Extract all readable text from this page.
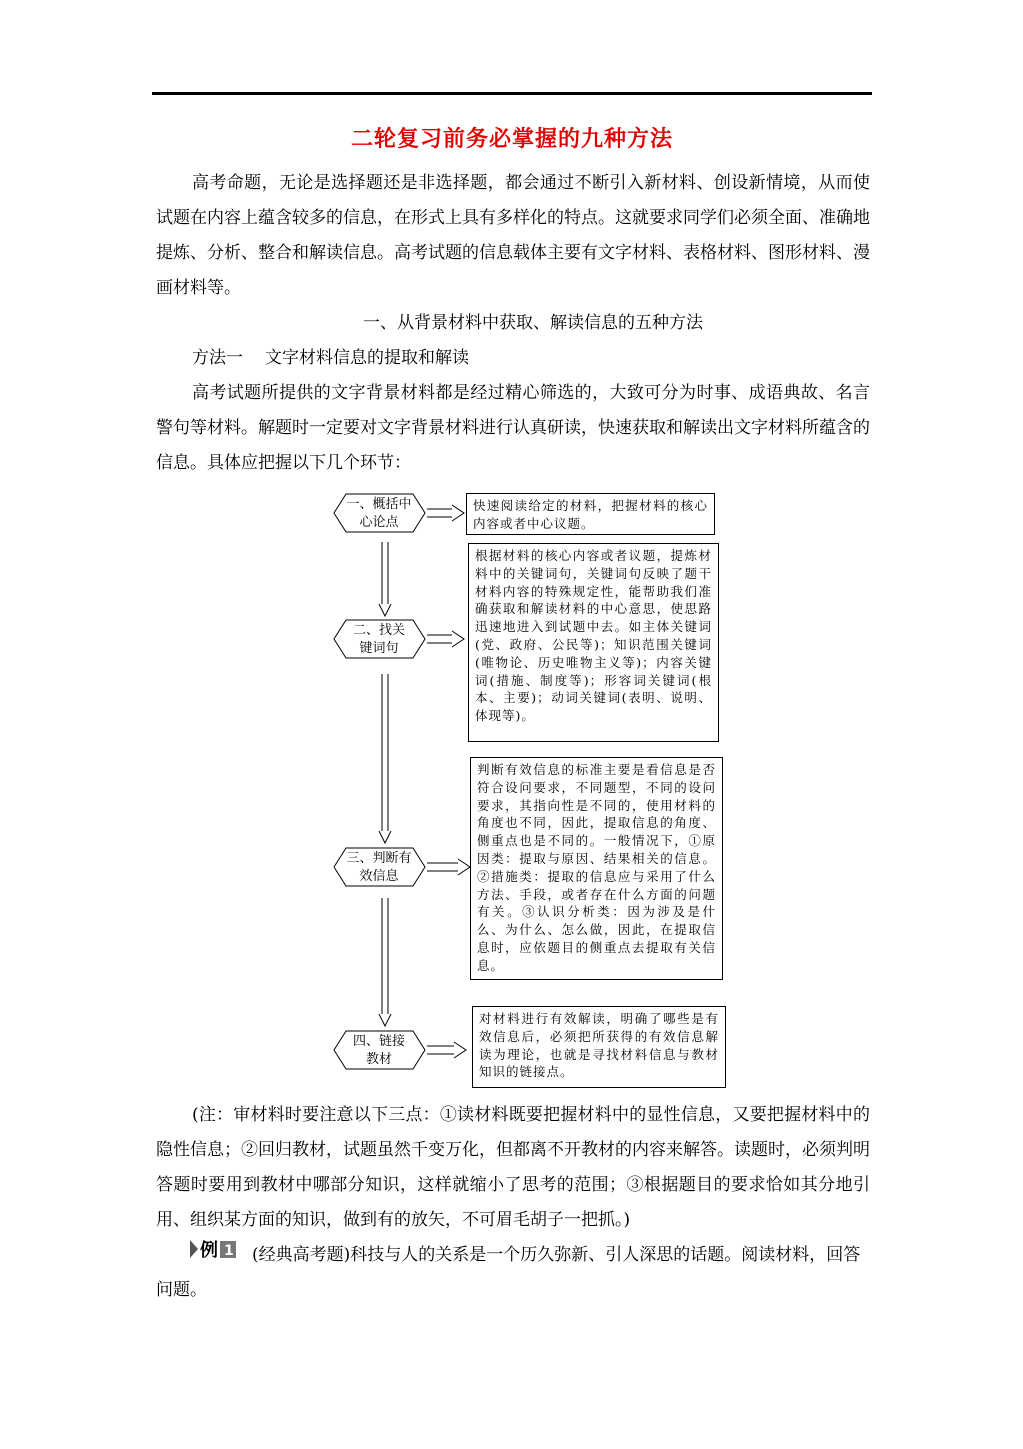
二轮复习前务必掌握的九种方法

高考命题，无论是选择题还是非选择题，都会通过不断引入新材料、创设新情境，从而使试题在内容上蕴含较多的信息，在形式上具有多样化的特点。这就要求同学们必须全面、准确地提炼、分析、整合和解读信息。高考试题的信息载体主要有文字材料、表格材料、图形材料、漫画材料等。

一、从背景材料中获取、解读信息的五种方法
方法一 文字材料信息的提取和解读

高考试题所提供的文字背景材料都是经过精心筛选的，大致可分为时事、成语典故、名言警句等材料。解题时一定要对文字背景材料进行认真研读，快速获取和解读出文字材料所蕴含的信息。具体应把握以下几个环节：

一、概括中
心论点
二、找关
键词句
三、判断有
效信息
四、链接
教材
快速阅读给定的材料，把握材料的核心内容或者中心议题。
根据材料的核心内容或者议题，提炼材料中的关键词句，关键词句反映了题干材料内容的特殊规定性，能帮助我们准确获取和解读材料的中心意思，使思路迅速地进入到试题中去。如主体关键词(党、政府、公民等)；知识范围关键词(唯物论、历史唯物主义等)；内容关键词(措施、制度等)；形容词关键词(根本、主要)；动词关键词(表明、说明、体现等)。
判断有效信息的标准主要是看信息是否符合设问要求，不同题型，不同的设问要求，其指向性是不同的，使用材料的角度也不同，因此，提取信息的角度、侧重点也是不同的。一般情况下，①原因类：提取与原因、结果相关的信息。②措施类：提取的信息应与采用了什么方法、手段，或者存在什么方面的问题有关。③认识分析类：因为涉及是什么、为什么、怎么做，因此，在提取信息时，应依题目的侧重点去提取有关信息。
对材料进行有效解读，明确了哪些是有效信息后，必须把所获得的有效信息解读为理论，也就是寻找材料信息与教材知识的链接点。

(注：审材料时要注意以下三点：①读材料既要把握材料中的显性信息，又要把握材料中的隐性信息；②回归教材，试题虽然千变万化，但都离不开教材的内容来解答。读题时，必须判明答题时要用到教材中哪部分知识，这样就缩小了思考的范围；③根据题目的要求恰如其分地引用、组织某方面的知识，做到有的放矢，不可眉毛胡子一把抓。)

例 1 (经典高考题)科技与人的关系是一个历久弥新、引人深思的话题。阅读材料，回答问题。
